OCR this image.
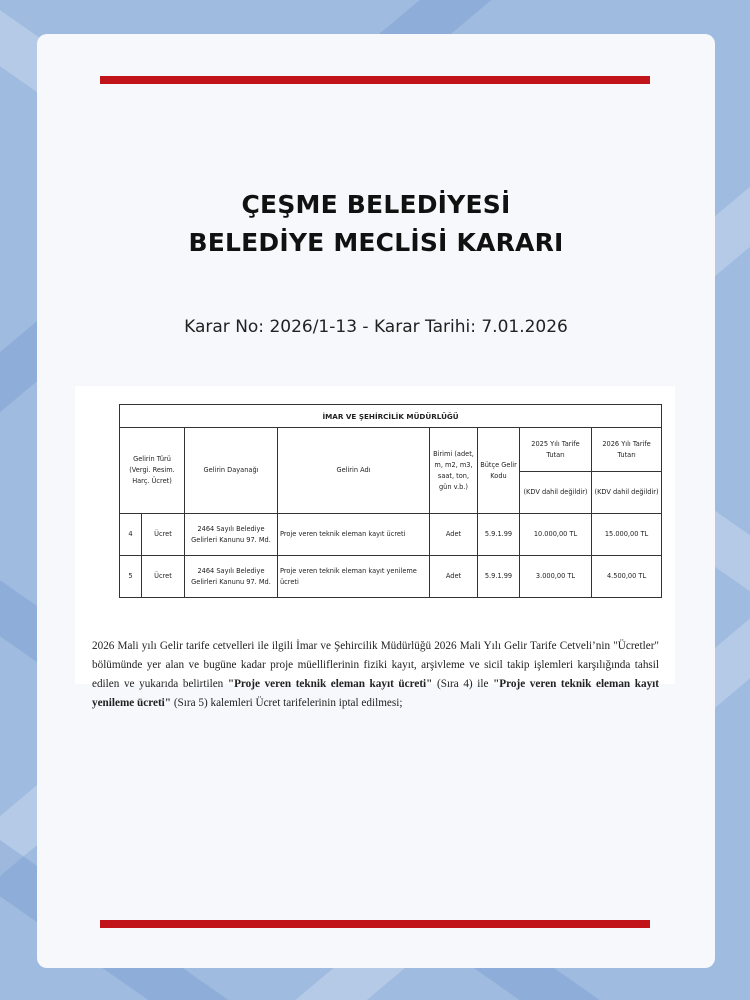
ÇEŞME BELEDİYESİ
BELEDİYE MECLİSİ KARARI
Karar No: 2026/1-13 - Karar Tarihi: 7.01.2026
İMAR VE ŞEHİRCİLİK MÜDÜRLÜĞÜ							
Gelirin Türü (Vergi. Resim. Harç. Ücret)		Gelirin Dayanağı	Gelirin Adı	Birimi (adet, m, m2, m3, saat, ton, gün v.b.)	Bütçe Gelir Kodu	2025 Yılı Tarife Tutarı	2026 Yılı Tarife Tutarı
						(KDV dahil değildir)	(KDV dahil değildir)
4	Ücret	2464 Sayılı Belediye Gelirleri Kanunu 97. Md.	Proje veren teknik eleman kayıt ücreti	Adet	5.9.1.99	10.000,00 TL	15.000,00 TL
5	Ücret	2464 Sayılı Belediye Gelirleri Kanunu 97. Md.	Proje veren teknik eleman kayıt yenileme ücreti	Adet	5.9.1.99	3.000,00 TL	4.500,00 TL
2026 Mali yılı Gelir tarife cetvelleri ile ilgili İmar ve Şehircilik Müdürlüğü 2026 Mali Yılı Gelir Tarife Cetveli’nin "Ücretler" bölümünde yer alan ve bugüne kadar proje müelliflerinin fiziki kayıt, arşivleme ve sicil takip işlemleri karşılığında tahsil edilen ve yukarıda belirtilen "Proje veren teknik eleman kayıt ücreti" (Sıra 4) ile "Proje veren teknik eleman kayıt yenileme ücreti" (Sıra 5) kalemleri Ücret tarifelerinin iptal edilmesi;
